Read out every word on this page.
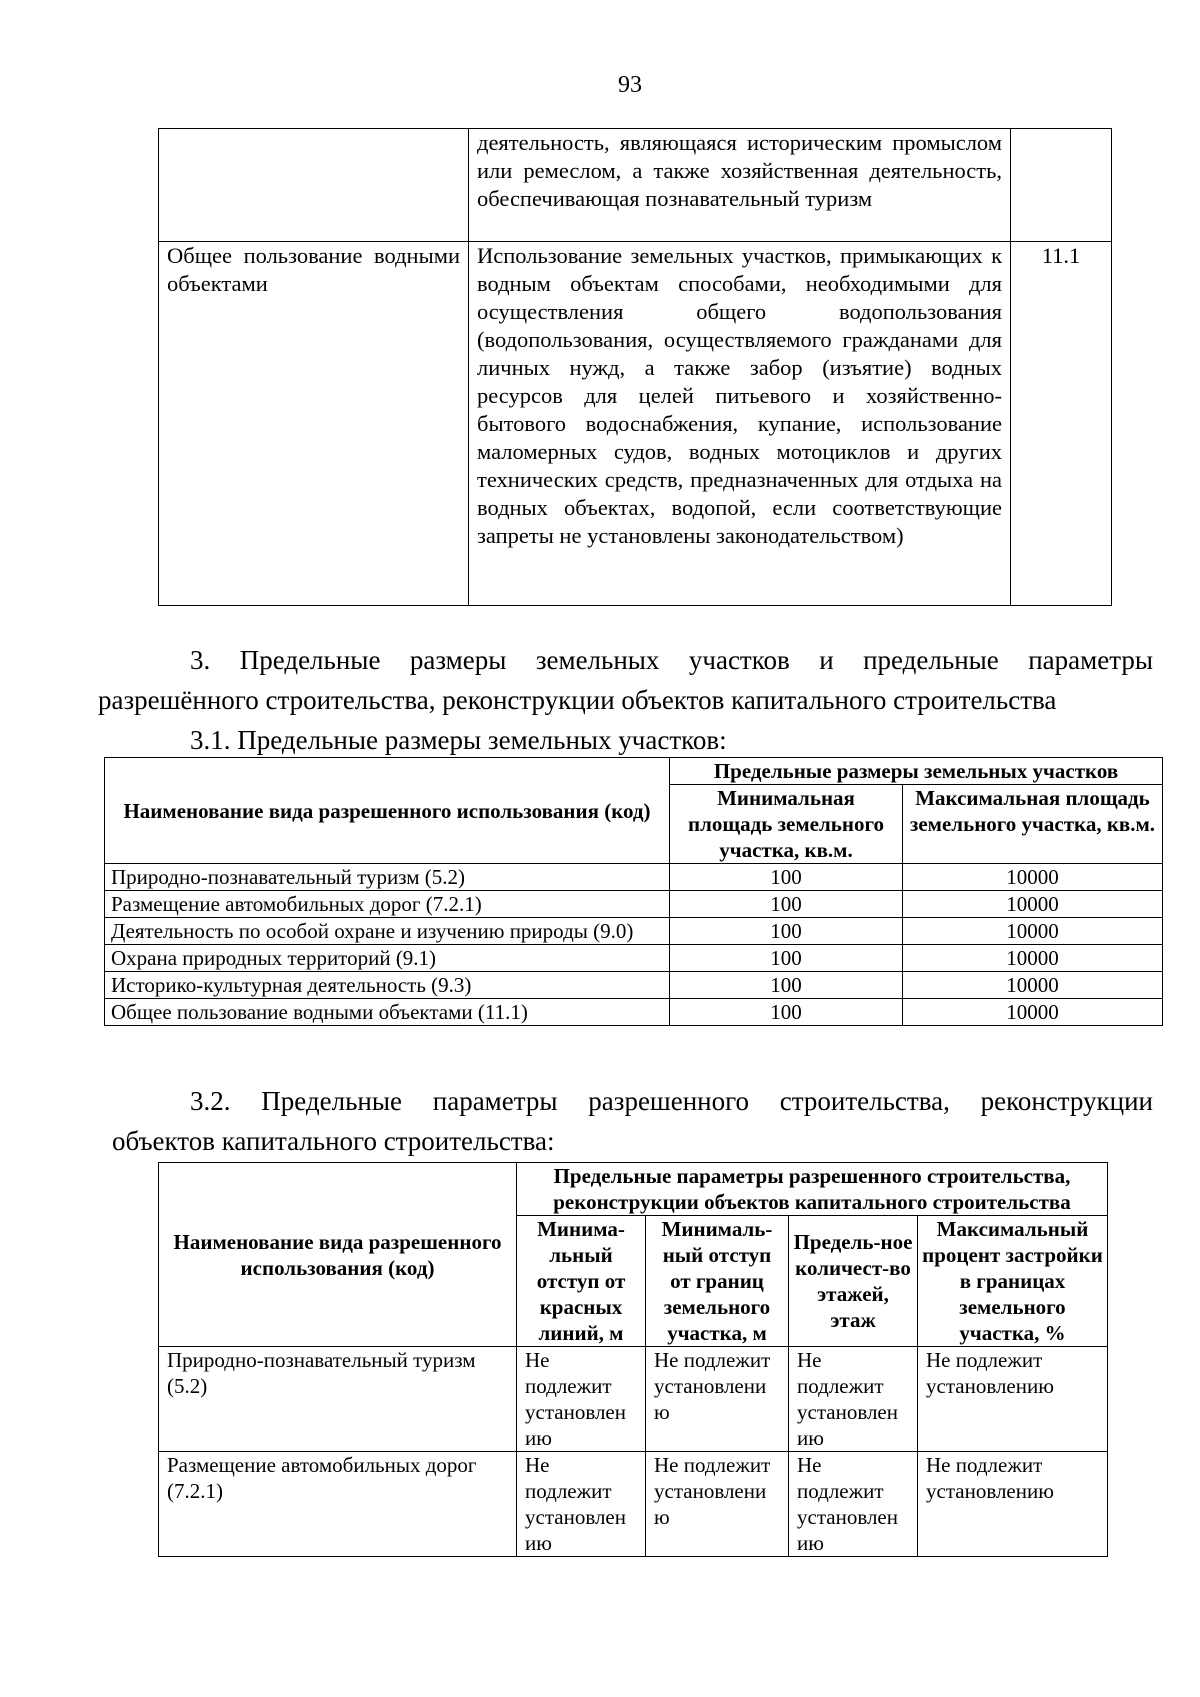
93
	деятельность, являющаяся историческим промыслом или ремеслом, а также хозяйственная деятельность, обеспечивающая познавательный туризм	
Общее пользование водными объектами	Использование земельных участков, примыкающих к водным объектам способами, необходимыми для осуществления общего водопользования (водопользования, осуществляемого гражданами для личных нужд, а также забор (изъятие) водных ресурсов для целей питьевого и хозяйственно-бытового водоснабжения, купание, использование маломерных судов, водных мотоциклов и других технических средств, предназначенных для отдыха на водных объектах, водопой, если соответствующие запреты не установлены законодательством)	11.1
3. Предельные размеры земельных участков и предельные параметры
разрешённого строительства, реконструкции объектов капитального строительства
3.1. Предельные размеры земельных участков:
Наименование вида разрешенного использования (код)	Предельные размеры земельных участков	
	Минимальная площадь земельного участка, кв.м.	Максимальная площадь земельного участка, кв.м.
Природно-познавательный туризм (5.2)	100	10000
Размещение автомобильных дорог (7.2.1)	100	10000
Деятельность по особой охране и изучению природы (9.0)	100	10000
Охрана природных территорий (9.1)	100	10000
Историко-культурная деятельность (9.3)	100	10000
Общее пользование водными объектами (11.1)	100	10000
3.2. Предельные параметры разрешенного строительства, реконструкции
объектов капитального строительства:
Наименование вида разрешенного использования (код)	Предельные параметры разрешенного строительства, реконструкции объектов капитального строительства			
	Минима-льный отступ от красных линий, м	Минималь-ный отступ от границ земельного участка, м	Предель-ное количест-во этажей, этаж	Максимальный процент застройки в границах земельного участка, %
Природно-познавательный туризм (5.2)	Не подлежит установлен ию	Не подлежит установлени ю	Не подлежит установлен ию	Не подлежит установлению
Размещение автомобильных дорог (7.2.1)	Не подлежит установлен ию	Не подлежит установлени ю	Не подлежит установлен ию	Не подлежит установлению
